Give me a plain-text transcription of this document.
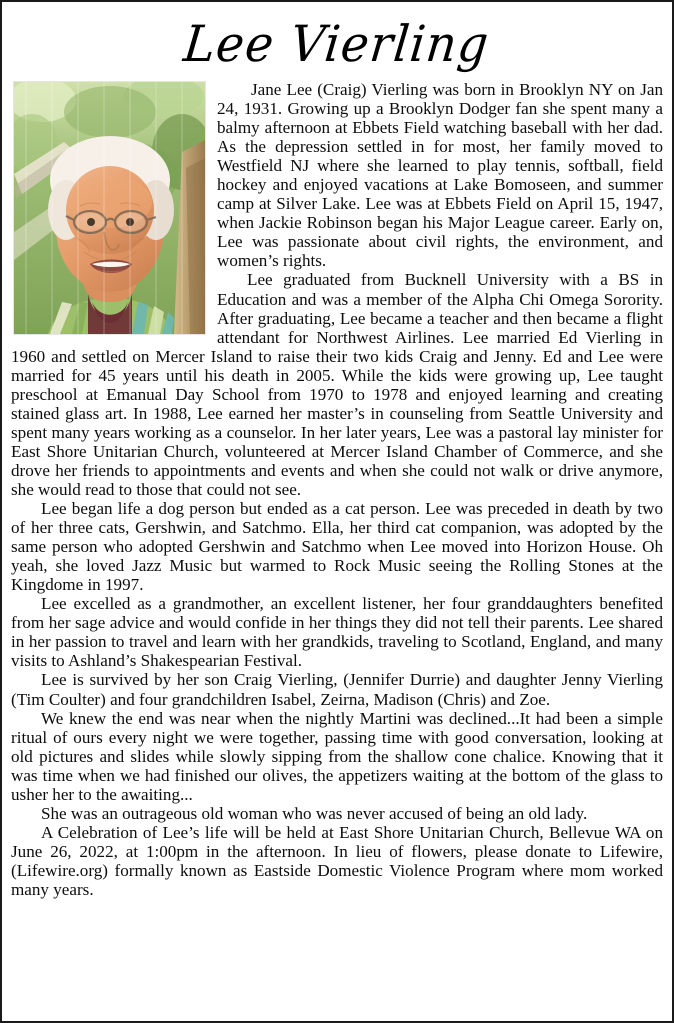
Lee Vierling

Jane Lee (Craig) Vierling was born in Brooklyn NY on Jan 24, 1931. Growing up a Brooklyn Dodger fan she spent many a balmy afternoon at Ebbets Field watching baseball with her dad. As the depression settled in for most, her family moved to Westfield NJ where she learned to play tennis, softball, field hockey and enjoyed vacations at Lake Bomoseen, and summer camp at Silver Lake. Lee was at Ebbets Field on April 15, 1947, when Jackie Robinson began his Major League career. Early on, Lee was passionate about civil rights, the environment, and women’s rights.

Lee graduated from Bucknell University with a BS in Education and was a member of the Alpha Chi Omega Sorority. After graduating, Lee became a teacher and then became a flight attendant for Northwest Airlines. Lee married Ed Vierling in 1960 and settled on Mercer Island to raise their two kids Craig and Jenny. Ed and Lee were married for 45 years until his death in 2005. While the kids were growing up, Lee taught preschool at Emanual Day School from 1970 to 1978 and enjoyed learning and creating stained glass art. In 1988, Lee earned her master’s in counseling from Seattle University and spent many years working as a counselor. In her later years, Lee was a pastoral lay minister for East Shore Unitarian Church, volunteered at Mercer Island Chamber of Commerce, and she drove her friends to appointments and events and when she could not walk or drive anymore, she would read to those that could not see.

Lee began life a dog person but ended as a cat person. Lee was preceded in death by two of her three cats, Gershwin, and Satchmo. Ella, her third cat companion, was adopted by the same person who adopted Gershwin and Satchmo when Lee moved into Horizon House. Oh yeah, she loved Jazz Music but warmed to Rock Music seeing the Rolling Stones at the Kingdome in 1997.

Lee excelled as a grandmother, an excellent listener, her four granddaughters benefited from her sage advice and would confide in her things they did not tell their parents. Lee shared in her passion to travel and learn with her grandkids, traveling to Scotland, England, and many visits to Ashland’s Shakespearian Festival.

Lee is survived by her son Craig Vierling, (Jennifer Durrie) and daughter Jenny Vierling (Tim Coulter) and four grandchildren Isabel, Zeirna, Madison (Chris) and Zoe.

We knew the end was near when the nightly Martini was declined...It had been a simple ritual of ours every night we were together, passing time with good conversation, looking at old pictures and slides while slowly sipping from the shallow cone chalice. Knowing that it was time when we had finished our olives, the appetizers waiting at the bottom of the glass to usher her to the awaiting...

She was an outrageous old woman who was never accused of being an old lady.

A Celebration of Lee’s life will be held at East Shore Unitarian Church, Bellevue WA on June 26, 2022, at 1:00pm in the afternoon. In lieu of flowers, please donate to Lifewire, (Lifewire.org) formally known as Eastside Domestic Violence Program where mom worked many years.
